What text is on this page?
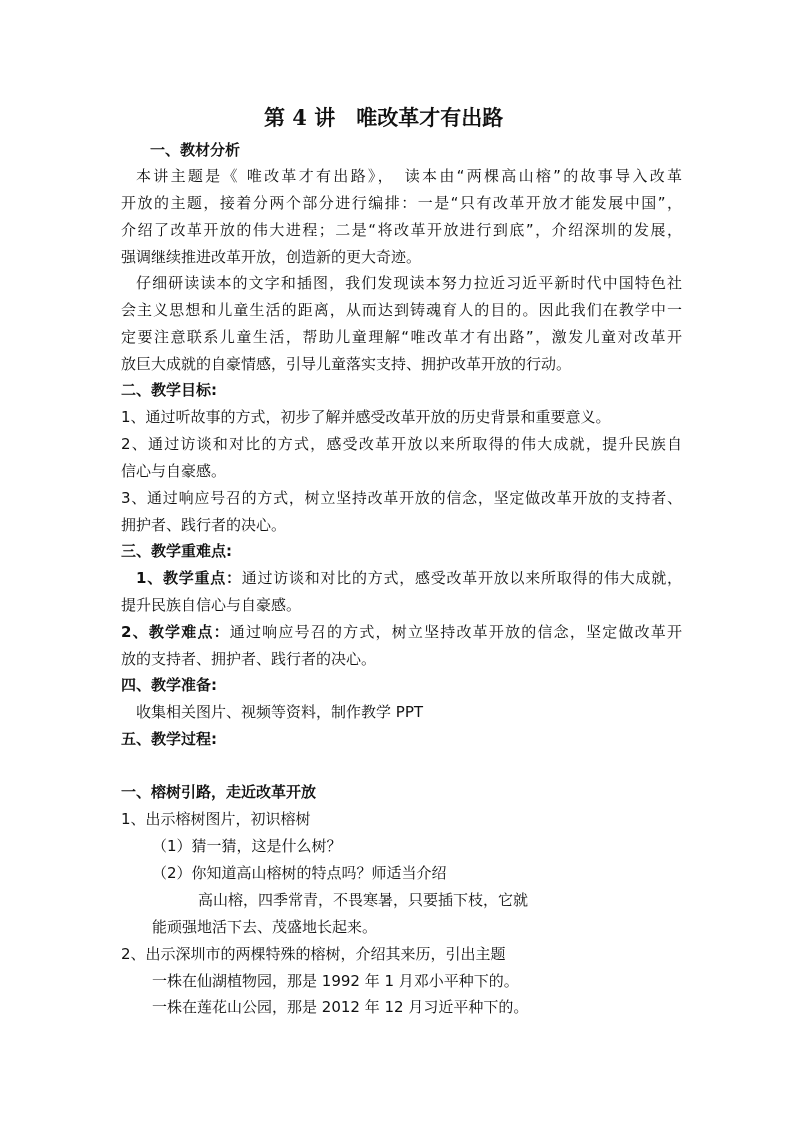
第 4 讲　唯改革才有出路
一、教材分析
本讲主题是《 唯改革才有出路》，　读本由“两棵高山榕”的故事导入改革
开放的主题，接着分两个部分进行编排：一是“只有改革开放才能发展中国”，
介绍了改革开放的伟大进程；二是“将改革开放进行到底”，介绍深圳的发展，
强调继续推进改革开放，创造新的更大奇迹。
仔细研读读本的文字和插图，我们发现读本努力拉近习近平新时代中国特色社
会主义思想和儿童生活的距离，从而达到铸魂育人的目的。因此我们在教学中一
定要注意联系儿童生活，帮助儿童理解“唯改革才有出路”，激发儿童对改革开
放巨大成就的自豪情感，引导儿童落实支持、拥护改革开放的行动。
二、教学目标:
1、通过听故事的方式，初步了解并感受改革开放的历史背景和重要意义。
2、通过访谈和对比的方式，感受改革开放以来所取得的伟大成就，提升民族自
信心与自豪感。
3、通过响应号召的方式，树立坚持改革开放的信念，坚定做改革开放的支持者、
拥护者、践行者的决心。
三、教学重难点:
1、教学重点：通过访谈和对比的方式，感受改革开放以来所取得的伟大成就，
提升民族自信心与自豪感。
2、教学难点：通过响应号召的方式，树立坚持改革开放的信念，坚定做改革开
放的支持者、拥护者、践行者的决心。
四、教学准备:
收集相关图片、视频等资料，制作教学 PPT
五、教学过程:
一、榕树引路，走近改革开放
1、出示榕树图片，初识榕树
（1）猜一猜，这是什么树？
（2）你知道高山榕树的特点吗？师适当介绍
高山榕，四季常青，不畏寒暑，只要插下枝，它就
能顽强地活下去、茂盛地长起来。
2、出示深圳市的两棵特殊的榕树，介绍其来历，引出主题
一株在仙湖植物园，那是 1992 年 1 月邓小平种下的。
一株在莲花山公园，那是 2012 年 12 月习近平种下的。
